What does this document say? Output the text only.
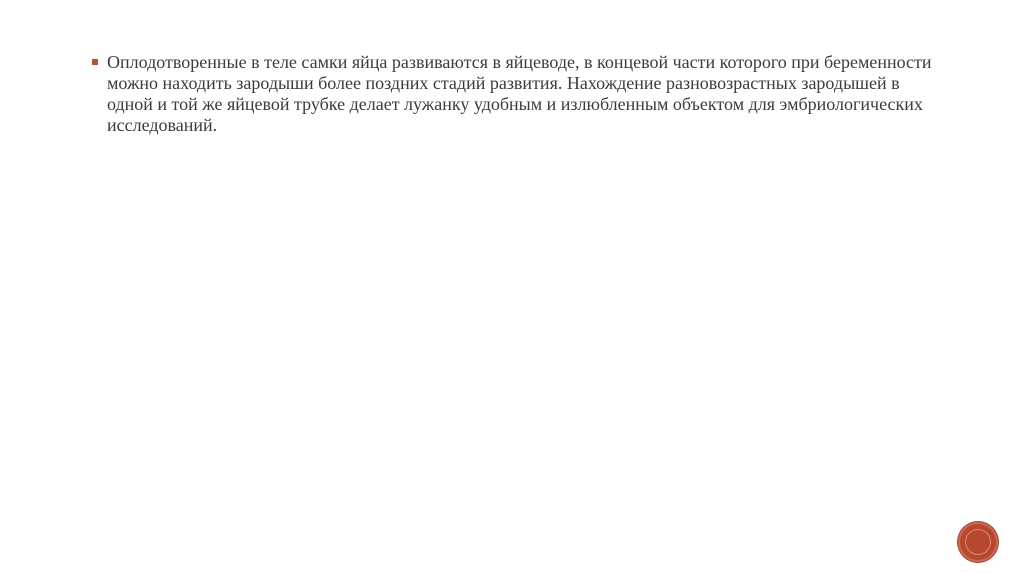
Оплодотворенные в теле самки яйца развиваются в яйцеводе, в концевой части которого при беременности можно находить зародыши более поздних стадий развития. Нахождение разновозрастных зародышей в одной и той же яйцевой трубке делает лужанку удобным и излюбленным объектом для эмбриологических исследований.
